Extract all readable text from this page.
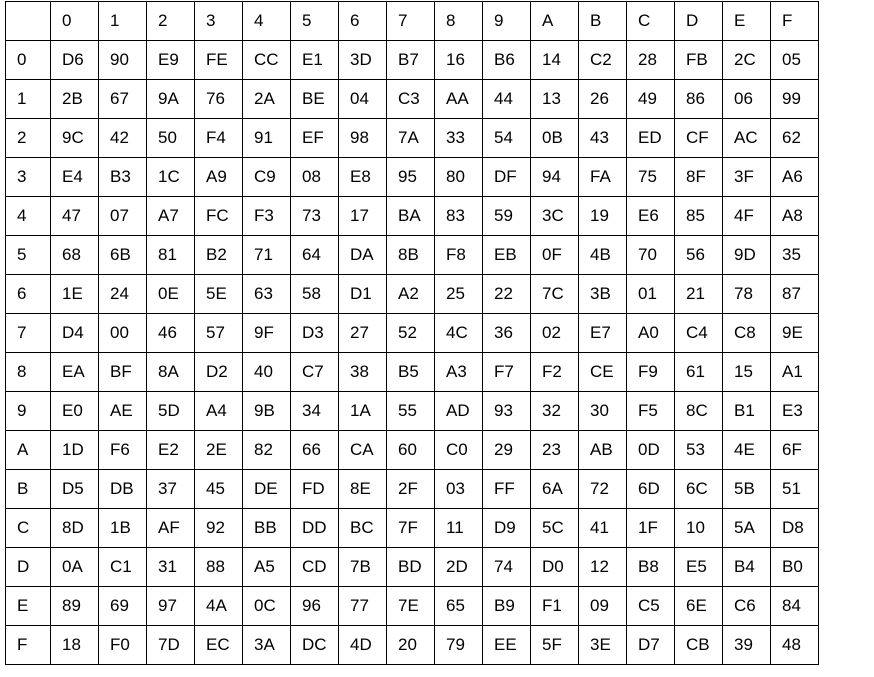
	0	1	2	3	4	5	6	7	8	9	A	B	C	D	E	F
0	D6	90	E9	FE	CC	E1	3D	B7	16	B6	14	C2	28	FB	2C	05
1	2B	67	9A	76	2A	BE	04	C3	AA	44	13	26	49	86	06	99
2	9C	42	50	F4	91	EF	98	7A	33	54	0B	43	ED	CF	AC	62
3	E4	B3	1C	A9	C9	08	E8	95	80	DF	94	FA	75	8F	3F	A6
4	47	07	A7	FC	F3	73	17	BA	83	59	3C	19	E6	85	4F	A8
5	68	6B	81	B2	71	64	DA	8B	F8	EB	0F	4B	70	56	9D	35
6	1E	24	0E	5E	63	58	D1	A2	25	22	7C	3B	01	21	78	87
7	D4	00	46	57	9F	D3	27	52	4C	36	02	E7	A0	C4	C8	9E
8	EA	BF	8A	D2	40	C7	38	B5	A3	F7	F2	CE	F9	61	15	A1
9	E0	AE	5D	A4	9B	34	1A	55	AD	93	32	30	F5	8C	B1	E3
A	1D	F6	E2	2E	82	66	CA	60	C0	29	23	AB	0D	53	4E	6F
B	D5	DB	37	45	DE	FD	8E	2F	03	FF	6A	72	6D	6C	5B	51
C	8D	1B	AF	92	BB	DD	BC	7F	11	D9	5C	41	1F	10	5A	D8
D	0A	C1	31	88	A5	CD	7B	BD	2D	74	D0	12	B8	E5	B4	B0
E	89	69	97	4A	0C	96	77	7E	65	B9	F1	09	C5	6E	C6	84
F	18	F0	7D	EC	3A	DC	4D	20	79	EE	5F	3E	D7	CB	39	48
